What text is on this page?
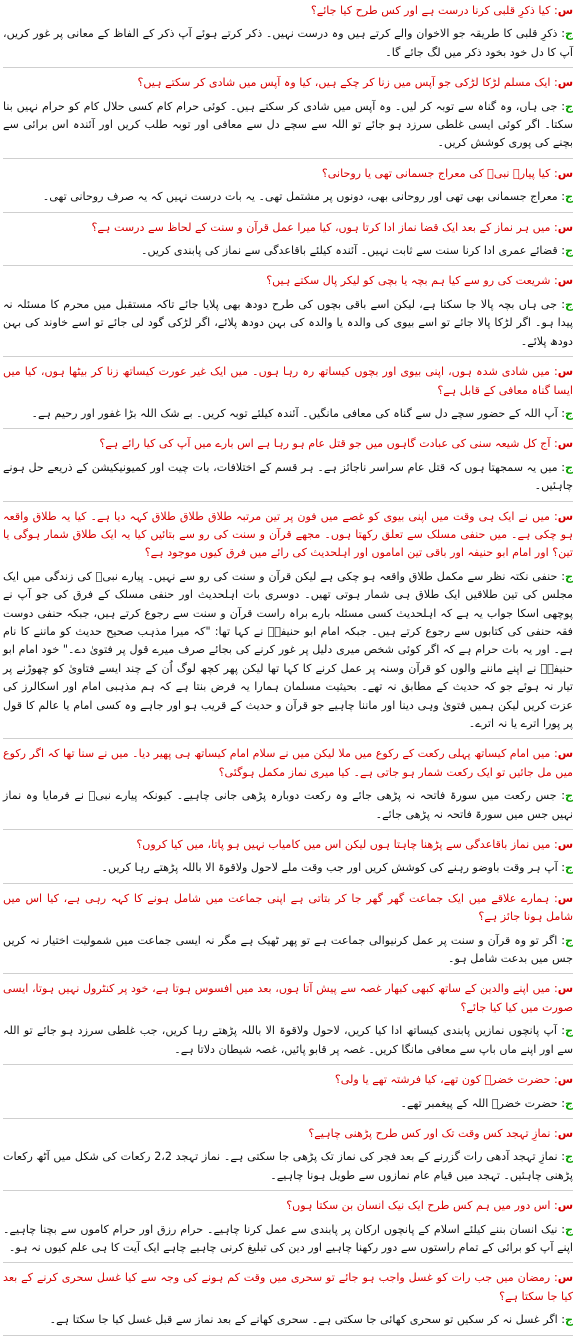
س: کیا ذکرِ قلبی کرنا درست ہے اور کس طرح کیا جائے؟

ج: ذکرِ قلبی کا طریقہ جو الاخوان والے کرتے ہیں وہ درست نہیں۔ ذکر کرتے ہوئے آپ ذکر کے الفاظ کے معانی پر غور کریں، آپ کا دل خود بخود ذکر میں لگ جائے گا۔

س: ایک مسلم لڑکا لڑکی جو آپس میں زنا کر چکے ہیں، کیا وہ آپس میں شادی کر سکتے ہیں؟

ج: جی ہاں، وہ گناہ سے توبہ کر لیں۔ وہ آپس میں شادی کر سکتے ہیں۔ کوئی حرام کام کسی حلال کام کو حرام نہیں بنا سکتا۔ اگر کوئی ایسی غلطی سرزد ہو جائے تو اللہ سے سچے دل سے معافی اور توبہ طلب کریں اور آئندہ اس برائی سے بچنے کی پوری کوشش کریں۔

س: کیا پیارے نبیؐ کی معراج جسمانی تھی یا روحانی؟

ج: معراج جسمانی بھی تھی اور روحانی بھی، دونوں پر مشتمل تھی۔ یہ بات درست نہیں کہ یہ صرف روحانی تھی۔

س: میں ہر نماز کے بعد ایک قضا نماز ادا کرتا ہوں، کیا میرا عمل قرآن و سنت کے لحاظ سے درست ہے؟

ج: قضائے عمری ادا کرنا سنت سے ثابت نہیں۔ آئندہ کیلئے باقاعدگی سے نماز کی پابندی کریں۔

س: شریعت کی رو سے کیا ہم بچہ یا بچی کو لیکر پال سکتے ہیں؟

ج: جی ہاں بچہ پالا جا سکتا ہے، لیکن اسے باقی بچوں کی طرح دودھ بھی پلایا جائے تاکہ مستقبل میں محرم کا مسئلہ نہ پیدا ہو۔ اگر لڑکا پالا جائے تو اسے بیوی کی والدہ یا والدہ کی بہن دودھ پلائے، اگر لڑکی گود لی جائے تو اسے خاوند کی بہن دودھ پلائے۔

س: میں شادی شدہ ہوں، اپنی بیوی اور بچوں کیساتھ رہ رہا ہوں۔ میں ایک غیر عورت کیساتھ زنا کر بیٹھا ہوں، کیا میں ایسا گناہ معافی کے قابل ہے؟

ج: آپ اللہ کے حضور سچے دل سے گناہ کی معافی مانگیں۔ آئندہ کیلئے توبہ کریں۔ بے شک اللہ بڑا غفور اور رحیم ہے۔

س: آج کل شیعہ سنی کی عبادت گاہوں میں جو قتل عام ہو رہا ہے اس بارے میں آپ کی کیا رائے ہے؟

ج: میں یہ سمجھتا ہوں کہ قتل عام سراسر ناجائز ہے۔ ہر قسم کے اختلافات، بات چیت اور کمیونیکیشن کے ذریعے حل ہونے چاہئیں۔

س: میں نے ایک ہی وقت میں اپنی بیوی کو غصے میں فون پر تین مرتبہ طلاق طلاق طلاق کہہ دیا ہے۔ کیا یہ طلاق واقعہ ہو چکی ہے۔ میں حنفی مسلک سے تعلق رکھتا ہوں۔ مجھے قرآن و سنت کی رو سے بتائیں کیا یہ ایک طلاق شمار ہوگی یا تین؟ اور امام ابو حنیفہ اور باقی تین اماموں اور اہلحدیث کی رائے میں فرق کیوں موجود ہے؟

ج: حنفی نکتہ نظر سے مکمل طلاق واقعہ ہو چکی ہے لیکن قرآن و سنت کی رو سے نہیں۔ پیارے نبیؐ کی زندگی میں ایک مجلس کی تین طلاقیں ایک طلاق ہی شمار ہوتی تھیں۔ دوسری بات اہلحدیث اور حنفی مسلک کے فرق کی جو آپ نے پوچھی اسکا جواب یہ ہے کہ اہلحدیث کسی مسئلہ بارے براہ راست قرآن و سنت سے رجوع کرتے ہیں، جبکہ حنفی دوست فقہ حنفی کی کتابوں سے رجوع کرتے ہیں۔ جبکہ امام ابو حنیفہؒ نے کہا تھا: "کہ میرا مذہب صحیح حدیث کو ماننے کا نام ہے۔ اور یہ بات حرام ہے کہ اگر کوئی شخص میری دلیل پر غور کرنے کی بجائے صرف میرے قول پر فتویٰ دے۔" خود امام ابو حنیفہؒ نے اپنے ماننے والوں کو قرآن وسنہ پر عمل کرنے کا کہا تھا لیکن پھر کچھ لوگ اُن کے چند ایسے فتاویٰ کو چھوڑنے پر تیار نہ ہوئے جو کہ حدیث کے مطابق نہ تھے۔ بحیثیت مسلمان ہمارا یہ فرض بنتا ہے کہ ہم مذہبی امام اور اسکالرز کی عزت کریں لیکن ہمیں فتویٰ وہی دینا اور ماننا چاہیے جو قرآن و حدیث کے قریب ہو اور جاہے وہ کسی امام یا عالم کا قول پر پورا اترے یا نہ اترے۔

س: میں امام کیساتھ پہلی رکعت کے رکوع میں ملا لیکن میں نے سلام امام کیساتھ ہی پھیر دیا۔ میں نے سنا تھا کہ اگر رکوع میں مل جائیں تو ایک رکعت شمار ہو جاتی ہے۔ کیا میری نماز مکمل ہوگئی؟

ج: جس رکعت میں سورۃ فاتحہ نہ پڑھی جائے وہ رکعت دوبارہ پڑھی جانی چاہیے۔ کیونکہ پیارے نبیؐ نے فرمایا وہ نماز نہیں جس میں سورۃ فاتحہ نہ پڑھی جائے۔

س: میں نماز باقاعدگی سے پڑھنا چاہتا ہوں لیکن اس میں کامیاب نہیں ہو پاتا، میں کیا کروں؟

ج: آپ ہر وقت باوضو رہنے کی کوشش کریں اور جب وقت ملے لاحول ولاقوۃ الا باللہ پڑھتے رہا کریں۔

س: ہمارے علاقے میں ایک جماعت گھر گھر جا کر بتاتی ہے اپنی جماعت میں شامل ہونے کا کہہ رہی ہے، کیا اس میں شامل ہونا جائز ہے؟

ج: اگر تو وہ قرآن و سنت پر عمل کرنیوالی جماعت ہے تو پھر ٹھیک ہے مگر نہ ایسی جماعت میں شمولیت اختیار نہ کریں جس میں بدعت شامل ہو۔

س: میں اپنے والدین کے ساتھ کبھی کبھار غصہ سے پیش آتا ہوں، بعد میں افسوس ہوتا ہے، خود پر کنٹرول نہیں ہوتا، ایسی صورت میں کیا کیا جائے؟

ج: آپ پانچوں نمازیں پابندی کیساتھ ادا کیا کریں، لاحول ولاقوۃ الا باللہ پڑھتے رہا کریں، جب غلطی سرزد ہو جائے تو اللہ سے اور اپنے ماں باپ سے معافی مانگا کریں۔ غصہ پر قابو پائیں، غصہ شیطان دلاتا ہے۔

س: حضرت خضرؑ کون تھے، کیا فرشتہ تھے یا ولی؟

ج: حضرت خضرؑ اللہ کے پیغمبر تھے۔

س: نمازِ تہجد کس وقت تک اور کس طرح پڑھنی چاہیے؟

ج: نمازِ تہجد آدھی رات گزرنے کے بعد فجر کی نماز تک پڑھی جا سکتی ہے۔ نماز تہجد 2،2 رکعات کی شکل میں آٹھ رکعات پڑھنی چاہئیں۔ تہجد میں قیام عام نمازوں سے طویل ہونا چاہیے۔

س: اس دور میں ہم کس طرح ایک نیک انسان بن سکتا ہوں؟

ج: نیک انسان بننے کیلئے اسلام کے پانچوں ارکان پر پابندی سے عمل کرنا چاہیے۔ حرام رزق اور حرام کاموں سے بچنا چاہیے۔ اپنے آپ کو برائی کے تمام راستوں سے دور رکھنا چاہیے اور دین کی تبلیغ کرنی چاہیے چاہے ایک آیت کا ہی علم کیوں نہ ہو۔

س: رمضان میں جب رات کو غسل واجب ہو جائے تو سحری میں وقت کم ہونے کی وجہ سے کیا غسل سحری کرنے کے بعد کیا جا سکتا ہے؟

ج: اگر غسل نہ کر سکیں تو سحری کھائی جا سکتی ہے۔ سحری کھانے کے بعد نماز سے قبل غسل کیا جا سکتا ہے۔
